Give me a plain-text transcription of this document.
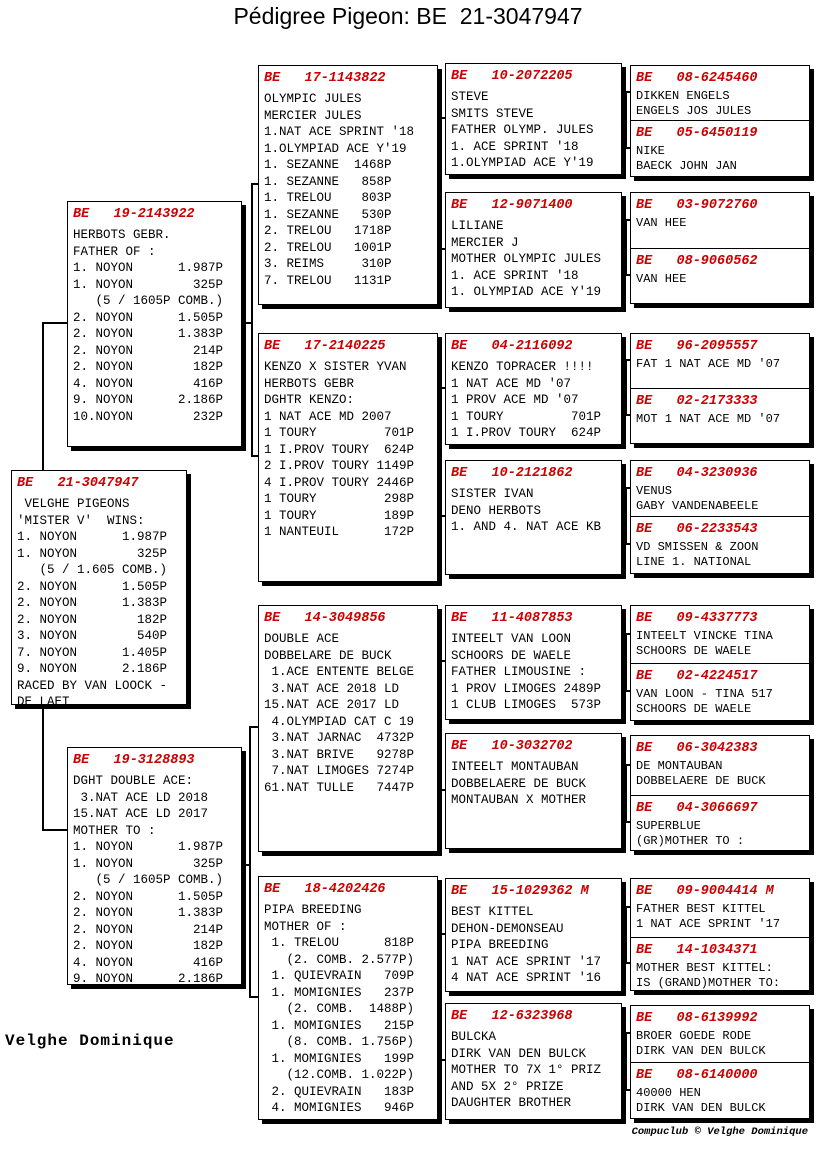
Pédigree Pigeon: BE  21-3047947
BE   21-3047947
VELGHE PIGEONS
'MISTER V'  WINS:
1. NOYON      1.987P
1. NOYON        325P
(5 / 1.605 COMB.)
2. NOYON      1.505P
2. NOYON      1.383P
2. NOYON        182P
3. NOYON        540P
7. NOYON      1.405P
9. NOYON      2.186P
RACED BY VAN LOOCK -
DE LAET
BE   19-2143922
HERBOTS GEBR.
FATHER OF :
1. NOYON      1.987P
1. NOYON        325P
(5 / 1605P COMB.)
2. NOYON      1.505P
2. NOYON      1.383P
2. NOYON        214P
2. NOYON        182P
4. NOYON        416P
9. NOYON      2.186P
10.NOYON        232P
BE   19-3128893
DGHT DOUBLE ACE:
3.NAT ACE LD 2018
15.NAT ACE LD 2017
MOTHER TO :
1. NOYON      1.987P
1. NOYON        325P
(5 / 1605P COMB.)
2. NOYON      1.505P
2. NOYON      1.383P
2. NOYON        214P
2. NOYON        182P
4. NOYON        416P
9. NOYON      2.186P
BE   17-1143822
OLYMPIC JULES
MERCIER JULES
1.NAT ACE SPRINT '18
1.OLYMPIAD ACE Y'19
1. SEZANNE  1468P
1. SEZANNE   858P
1. TRELOU    803P
1. SEZANNE   530P
2. TRELOU   1718P
2. TRELOU   1001P
3. REIMS     310P
7. TRELOU   1131P
BE   17-2140225
KENZO X SISTER YVAN
HERBOTS GEBR
DGHTR KENZO:
1 NAT ACE MD 2007
1 TOURY         701P
1 I.PROV TOURY  624P
2 I.PROV TOURY 1149P
4 I.PROV TOURY 2446P
1 TOURY         298P
1 TOURY         189P
1 NANTEUIL      172P
BE   14-3049856
DOUBLE ACE
DOBBELARE DE BUCK
1.ACE ENTENTE BELGE
3.NAT ACE 2018 LD
15.NAT ACE 2017 LD
4.OLYMPIAD CAT C 19
3.NAT JARNAC  4732P
3.NAT BRIVE   9278P
7.NAT LIMOGES 7274P
61.NAT TULLE   7447P
BE   18-4202426
PIPA BREEDING
MOTHER OF :
1. TRELOU      818P
(2. COMB. 2.577P)
1. QUIEVRAIN   709P
1. MOMIGNIES   237P
(2. COMB.  1488P)
1. MOMIGNIES   215P
(8. COMB. 1.756P)
1. MOMIGNIES   199P
(12.COMB. 1.022P)
2. QUIEVRAIN   183P
4. MOMIGNIES   946P
BE   10-2072205
STEVE
SMITS STEVE
FATHER OLYMP. JULES
1. ACE SPRINT '18
1.OLYMPIAD ACE Y'19
BE   12-9071400
LILIANE
MERCIER J
MOTHER OLYMPIC JULES
1. ACE SPRINT '18
1. OLYMPIAD ACE Y'19
BE   04-2116092
KENZO TOPRACER !!!!
1 NAT ACE MD '07
1 PROV ACE MD '07
1 TOURY         701P
1 I.PROV TOURY  624P
BE   10-2121862
SISTER IVAN
DENO HERBOTS
1. AND 4. NAT ACE KB
BE   11-4087853
INTEELT VAN LOON
SCHOORS DE WAELE
FATHER LIMOUSINE :
1 PROV LIMOGES 2489P
1 CLUB LIMOGES  573P
BE   10-3032702
INTEELT MONTAUBAN
DOBBELAERE DE BUCK
MONTAUBAN X MOTHER
BE   15-1029362 M
BEST KITTEL
DEHON-DEMONSEAU
PIPA BREEDING
1 NAT ACE SPRINT '17
4 NAT ACE SPRINT '16
BE   12-6323968
BULCKA
DIRK VAN DEN BULCK
MOTHER TO 7X 1° PRIZ
AND 5X 2° PRIZE
DAUGHTER BROTHER
BE   08-6245460
DIKKEN ENGELS
ENGELS JOS JULES
BE   05-6450119
NIKE
BAECK JOHN JAN
BE   03-9072760
VAN HEE
BE   08-9060562
VAN HEE
BE   96-2095557
FAT 1 NAT ACE MD '07
BE   02-2173333
MOT 1 NAT ACE MD '07
BE   04-3230936
VENUS
GABY VANDENABEELE
BE   06-2233543
VD SMISSEN & ZOON
LINE 1. NATIONAL
BE   09-4337773
INTEELT VINCKE TINA
SCHOORS DE WAELE
BE   02-4224517
VAN LOON - TINA 517
SCHOORS DE WAELE
BE   06-3042383
DE MONTAUBAN
DOBBELAERE DE BUCK
BE   04-3066697
SUPERBLUE
(GR)MOTHER TO :
BE   09-9004414 M
FATHER BEST KITTEL
1 NAT ACE SPRINT '17
BE   14-1034371
MOTHER BEST KITTEL:
IS (GRAND)MOTHER TO:
BE   08-6139992
BROER GOEDE RODE
DIRK VAN DEN BULCK
BE   08-6140000
40000 HEN
DIRK VAN DEN BULCK
Velghe Dominique
Compuclub © Velghe Dominique
